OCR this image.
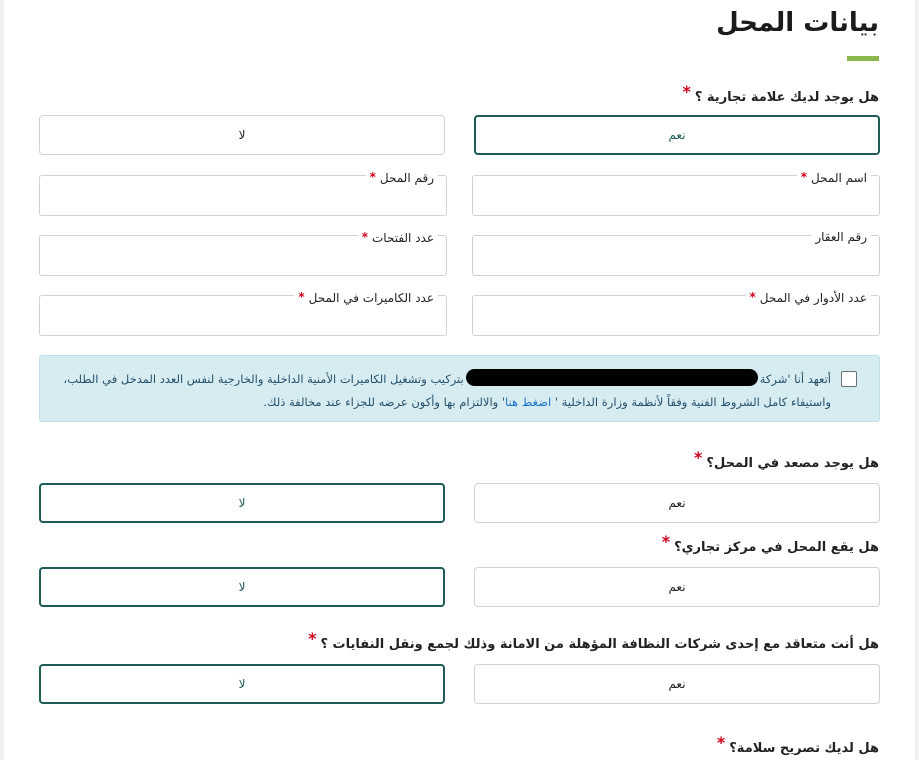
بيانات المحل
هل يوجد لديك علامة تجارية ؟*
نعم
لا
اسم المحل*
رقم المحل*
رقم العقار
عدد الفتحات*
عدد الأدوار في المحل*
عدد الكاميرات في المحل*
أتعهد أنا 'شركةبتركيب وتشغيل الكاميرات الأمنية الداخلية والخارجية لنفس العدد المدخل في الطلب، واستيفاء كامل الشروط الفنية وفقاً لأنظمة وزارة الداخلية ' اضغط هنا' والالتزام بها وأكون عرضه للجزاء عند مخالفة ذلك.
هل يوجد مصعد في المحل؟*
نعم
لا
هل يقع المحل في مركز تجاري؟*
نعم
لا
هل أنت متعاقد مع إحدى شركات النظافة المؤهلة من الامانة وذلك لجمع ونقل النفايات ؟*
نعم
لا
هل لديك تصريح سلامة؟*
